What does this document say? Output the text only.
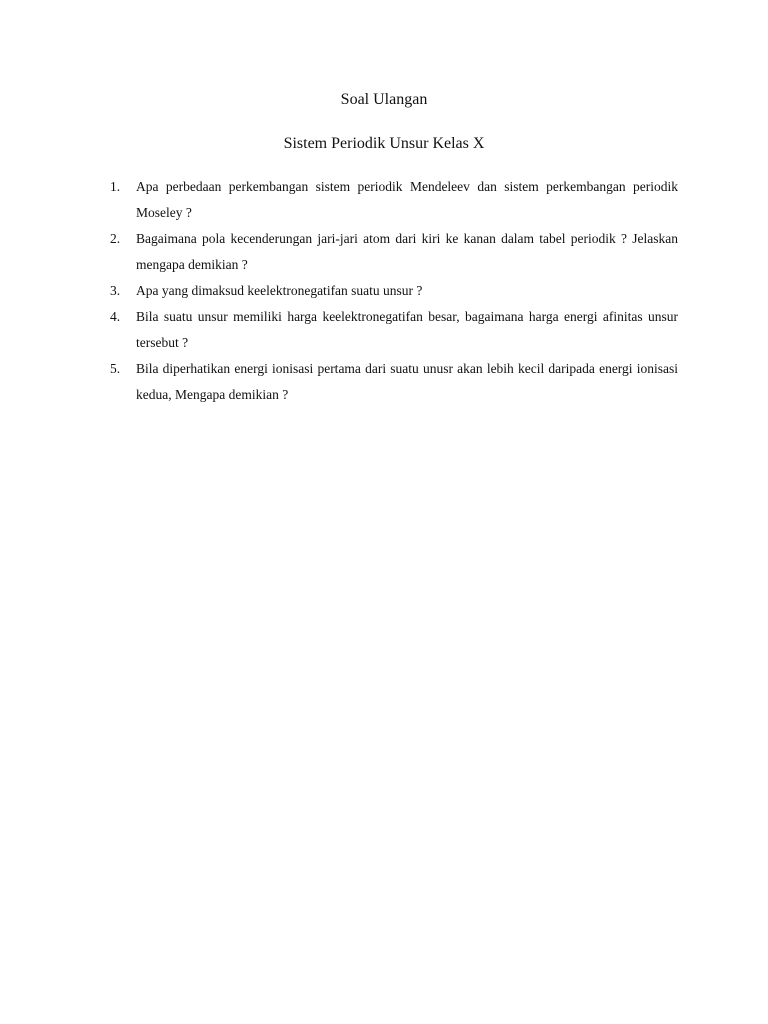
Soal Ulangan
Sistem Periodik Unsur Kelas X
1.	Apa perbedaan perkembangan sistem periodik Mendeleev dan sistem perkembangan periodik Moseley ?
2.	Bagaimana pola kecenderungan jari-jari atom dari kiri ke kanan dalam tabel periodik ? Jelaskan mengapa demikian ?
3.	Apa yang dimaksud keelektronegatifan suatu unsur ?
4.	Bila suatu unsur memiliki harga keelektronegatifan besar, bagaimana harga energi afinitas unsur tersebut ?
5.	Bila diperhatikan energi ionisasi pertama dari suatu unusr akan lebih kecil daripada energi ionisasi kedua, Mengapa demikian ?
